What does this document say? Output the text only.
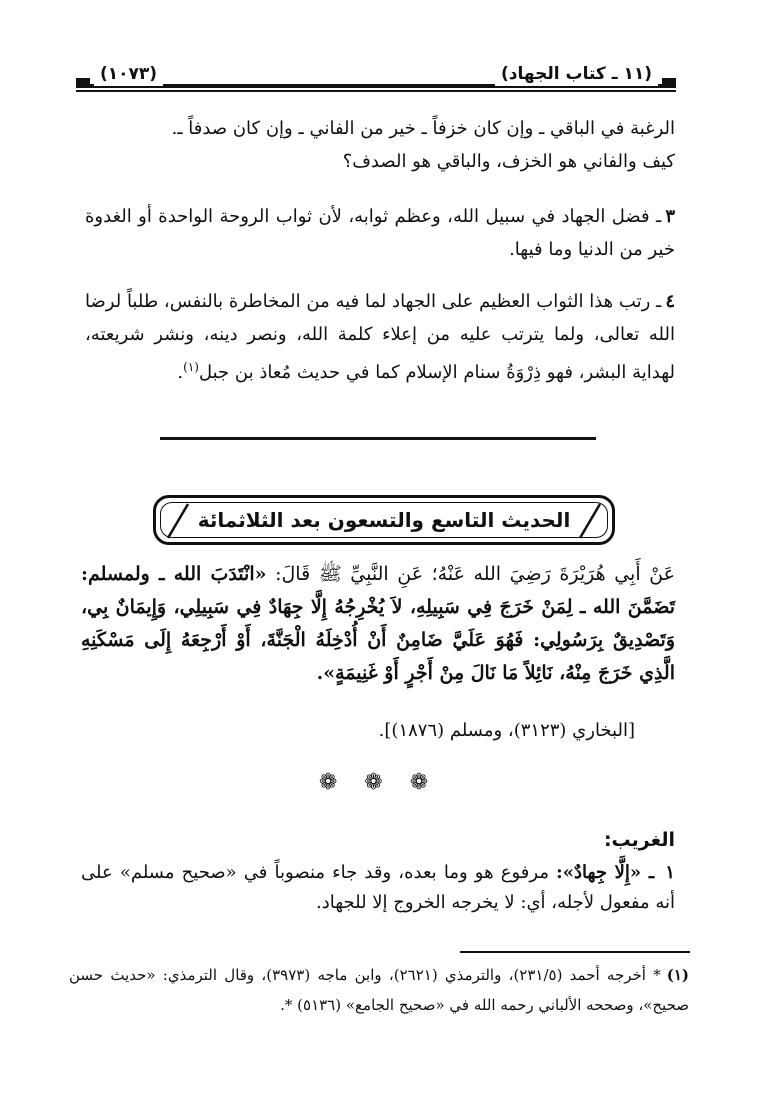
(١١ ـ كتاب الجهاد)
(١٠٧٣)

الرغبة في الباقي ـ وإن كان خزفاً ـ خير من الفاني ـ وإن كان صدفاً ـ.

كيف والفاني هو الخزف، والباقي هو الصدف؟

٣ـ فضل الجهاد في سبيل الله، وعظم ثوابه، لأن ثواب الروحة الواحدة أو الغدوة خير من الدنيا وما فيها.

٤ـ رتب هذا الثواب العظيم على الجهاد لما فيه من المخاطرة بالنفس، طلباً لرضا الله تعالى، ولما يترتب عليه من إعلاء كلمة الله، ونصر دينه، ونشر شريعته، لهداية البشر، فهو ذِرْوَةُ سنام الإسلام كما في حديث مُعاذ بن جبل$^{(١)}$.

الحديث التاسع والتسعون بعد الثلاثمائة
عَنْ أَبِي هُرَيْرَةَ رَضِيَ الله عَنْهُ؛ عَنِ النَّبِيِّ ﷺ قَالَ: «انْتَدَبَ الله ـ ولمسلم: تَضَمَّنَ الله ـ لِمَنْ خَرَجَ فِي سَبِيلِهِ، لاَ يُخْرِجُهُ إِلَّا جِهَادٌ فِي سَبِيلِي، وَإِيمَانٌ بِي، وَتَصْدِيقٌ بِرَسُولِي: فَهُوَ عَلَيَّ ضَامِنٌ أَنْ أُدْخِلَهُ الْجَنَّةَ، أَوْ أَرْجِعَهُ إِلَى مَسْكَنِهِ الَّذِي خَرَجَ مِنْهُ، نَائِلاً مَا نَالَ مِنْ أَجْرٍ أَوْ غَنِيمَةٍ».
[البخاري (٣١٢٣)، ومسلم (١٨٧٦)].
❁ ❁ ❁
الغريب:
١ ـ «إِلَّا جِهادٌ»: مرفوع هو وما بعده، وقد جاء منصوباً في «صحيح مسلم» على أنه مفعول لأجله، أي: لا يخرجه الخروج إلا للجهاد.
(١)* أخرجه أحمد (٢٣١/٥)، والترمذي (٢٦٢١)، وابن ماجه (٣٩٧٣)، وقال الترمذي: «حديث حسن صحيح»، وصححه الألباني رحمه الله في «صحيح الجامع» (٥١٣٦) *.
